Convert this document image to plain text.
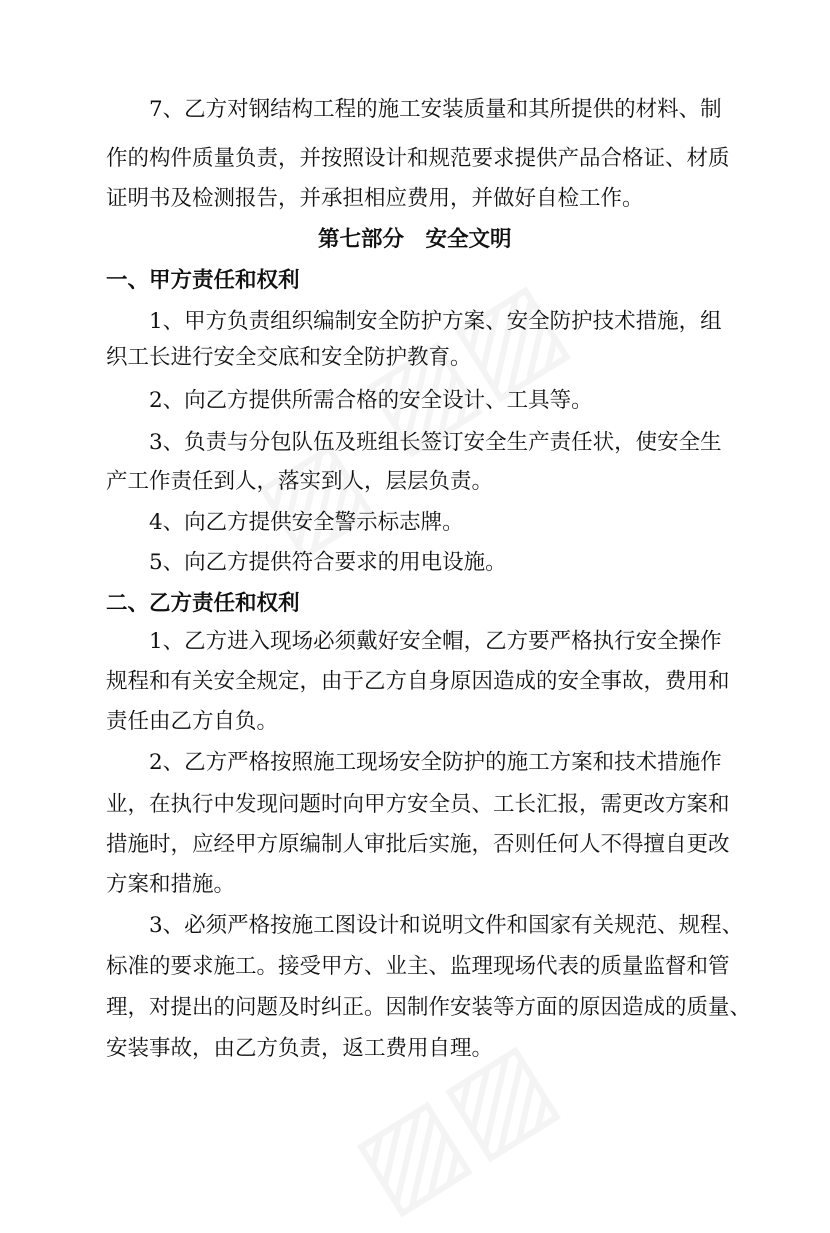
7、乙方对钢结构工程的施工安装质量和其所提供的材料、制
作的构件质量负责，并按照设计和规范要求提供产品合格证、材质
证明书及检测报告，并承担相应费用，并做好自检工作。
第七部分　安全文明
一、甲方责任和权利
1、甲方负责组织编制安全防护方案、安全防护技术措施，组
织工长进行安全交底和安全防护教育。
2、向乙方提供所需合格的安全设计、工具等。
3、负责与分包队伍及班组长签订安全生产责任状，使安全生
产工作责任到人，落实到人，层层负责。
4、向乙方提供安全警示标志牌。
5、向乙方提供符合要求的用电设施。
二、乙方责任和权利
1、乙方进入现场必须戴好安全帽，乙方要严格执行安全操作
规程和有关安全规定，由于乙方自身原因造成的安全事故，费用和
责任由乙方自负。
2、乙方严格按照施工现场安全防护的施工方案和技术措施作
业，在执行中发现问题时向甲方安全员、工长汇报，需更改方案和
措施时，应经甲方原编制人审批后实施，否则任何人不得擅自更改
方案和措施。
3、必须严格按施工图设计和说明文件和国家有关规范、规程、
标准的要求施工。接受甲方、业主、监理现场代表的质量监督和管
理，对提出的问题及时纠正。因制作安装等方面的原因造成的质量、
安装事故，由乙方负责，返工费用自理。
